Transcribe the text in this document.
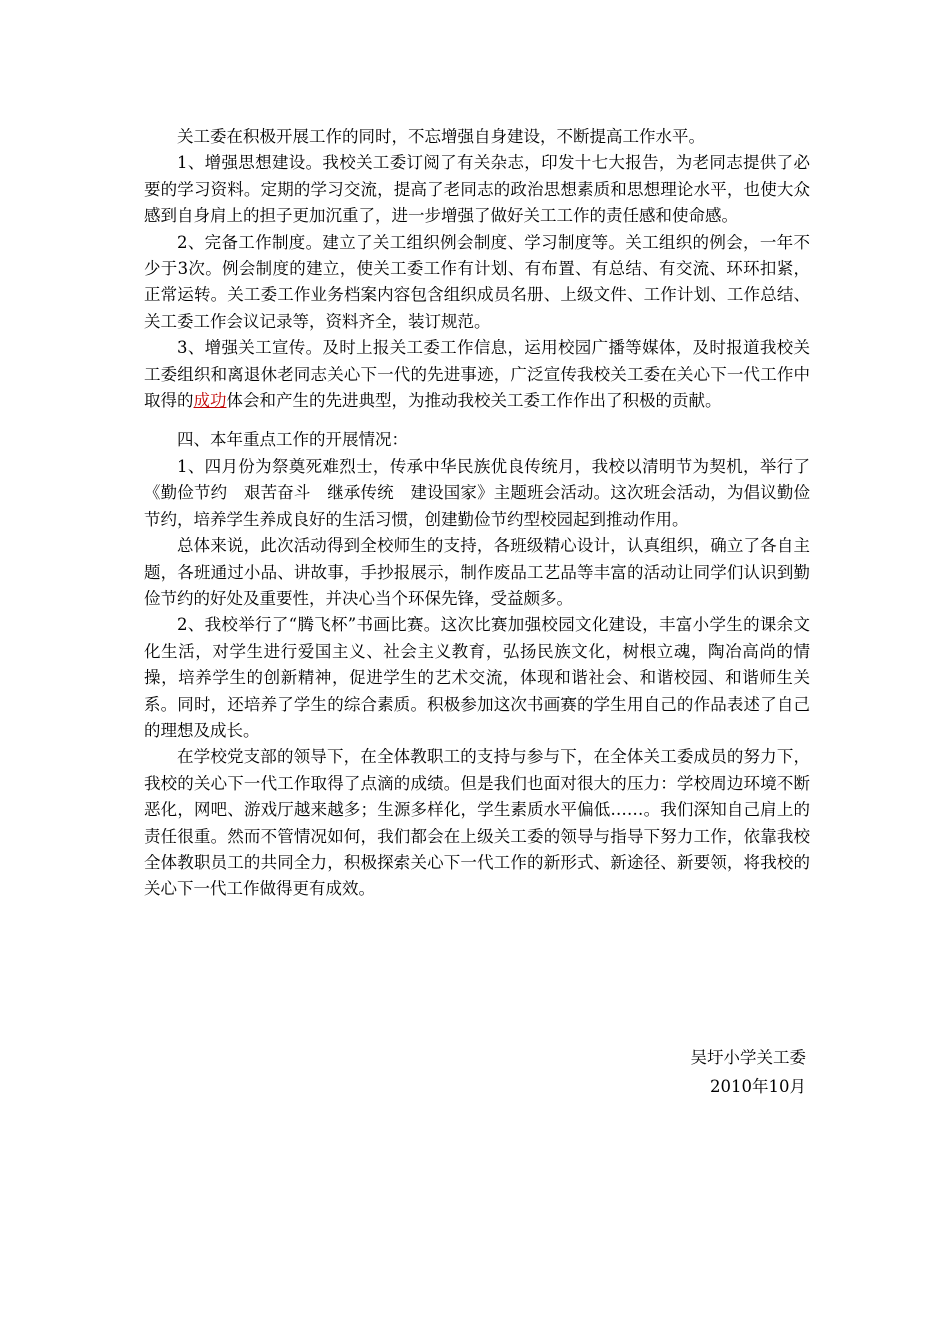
关工委在积极开展工作的同时，不忘增强自身建设，不断提高工作水平。

1、增强思想建设。我校关工委订阅了有关杂志，印发十七大报告，为老同志提供了必要的学习资料。定期的学习交流，提高了老同志的政治思想素质和思想理论水平，也使大众感到自身肩上的担子更加沉重了，进一步增强了做好关工工作的责任感和使命感。

2、完备工作制度。建立了关工组织例会制度、学习制度等。关工组织的例会，一年不少于3次。例会制度的建立，使关工委工作有计划、有布置、有总结、有交流、环环扣紧，正常运转。关工委工作业务档案内容包含组织成员名册、上级文件、工作计划、工作总结、关工委工作会议记录等，资料齐全，装订规范。

3、增强关工宣传。及时上报关工委工作信息，运用校园广播等媒体，及时报道我校关工委组织和离退休老同志关心下一代的先进事迹，广泛宣传我校关工委在关心下一代工作中取得的成功体会和产生的先进典型，为推动我校关工委工作作出了积极的贡献。

四、本年重点工作的开展情况：

1、四月份为祭奠死难烈士，传承中华民族优良传统月，我校以清明节为契机，举行了《勤俭节约　艰苦奋斗　继承传统　建设国家》主题班会活动。这次班会活动，为倡议勤俭节约，培养学生养成良好的生活习惯，创建勤俭节约型校园起到推动作用。

总体来说，此次活动得到全校师生的支持，各班级精心设计，认真组织，确立了各自主题，各班通过小品、讲故事，手抄报展示，制作废品工艺品等丰富的活动让同学们认识到勤俭节约的好处及重要性，并决心当个环保先锋，受益颇多。

2、我校举行了“腾飞杯”书画比赛。这次比赛加强校园文化建设，丰富小学生的课余文化生活，对学生进行爱国主义、社会主义教育，弘扬民族文化，树根立魂，陶冶高尚的情操，培养学生的创新精神，促进学生的艺术交流，体现和谐社会、和谐校园、和谐师生关系。同时，还培养了学生的综合素质。积极参加这次书画赛的学生用自己的作品表述了自己的理想及成长。

在学校党支部的领导下，在全体教职工的支持与参与下，在全体关工委成员的努力下，我校的关心下一代工作取得了点滴的成绩。但是我们也面对很大的压力：学校周边环境不断恶化，网吧、游戏厅越来越多；生源多样化，学生素质水平偏低……。我们深知自己肩上的责任很重。然而不管情况如何，我们都会在上级关工委的领导与指导下努力工作，依靠我校全体教职员工的共同全力，积极探索关心下一代工作的新形式、新途径、新要领，将我校的关心下一代工作做得更有成效。

吴圩小学关工委
2010年10月
